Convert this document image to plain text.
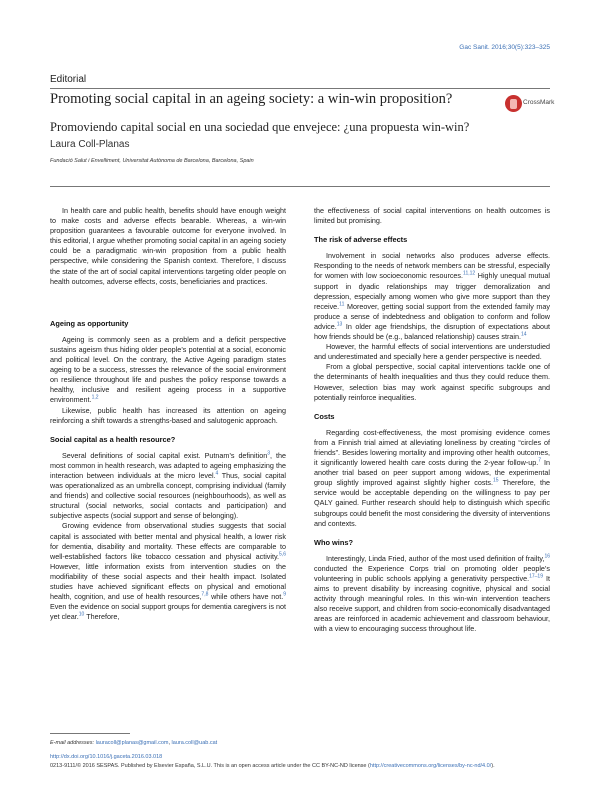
Gac Sanit. 2016;30(5):323–325
Editorial
Promoting social capital in an ageing society: a win-win proposition?	CrossMark
Promoviendo capital social en una sociedad que envejece: ¿una propuesta win-win?
Laura Coll-Planas
Fundació Salut i Envelliment, Universitat Autònoma de Barcelona, Barcelona, Spain

In health care and public health, benefits should have enough weight to make costs and adverse effects bearable. Whereas, a win-win proposition guarantees a favourable outcome for everyone involved. In this editorial, I argue whether promoting social capital in an ageing society could be a paradigmatic win-win proposition from a public health perspective, while considering the Spanish context. Therefore, I discuss the state of the art of social capital interventions targeting older people on health outcomes, adverse effects, costs, beneficiaries and practices.

Ageing as opportunity

Ageing is commonly seen as a problem and a deficit perspective sustains ageism thus hiding older people’s potential at a social, economic and political level. On the contrary, the Active Ageing paradigm states ageing to be a success, stresses the relevance of the social environment on resilience throughout life and pushes the policy response towards a healthy, inclusive and resilient ageing process in a supportive environment.$^{1,2}$

Likewise, public health has increased its attention on ageing reinforcing a shift towards a strengths-based and salutogenic approach.

Social capital as a health resource?

Several definitions of social capital exist. Putnam’s definition$^3$, the most common in health research, was adapted to ageing emphasizing the interaction between individuals at the micro level.$^4$ Thus, social capital was operationalized as an umbrella concept, comprising individual (family and friends) and collective social resources (neighbourhoods), as well as structural (social networks, social contacts and participation) and subjective aspects (social support and sense of belonging).

Growing evidence from observational studies suggests that social capital is associated with better mental and physical health, a lower risk for dementia, disability and mortality. These effects are comparable to well-established factors like tobacco cessation and physical activity.$^{5,6}$ However, little information exists from intervention studies on the modifiability of these social aspects and their health impact. Isolated studies have achieved significant effects on physical and emotional health, cognition, and use of health resources,$^{7,8}$ while others have not.$^9$ Even the evidence on social support groups for dementia caregivers is not yet clear.$^{10}$ Therefore,

the effectiveness of social capital interventions on health outcomes is limited but promising.

The risk of adverse effects

Involvement in social networks also produces adverse effects. Responding to the needs of network members can be stressful, especially for women with low socioeconomic resources.$^{11,12}$ Highly unequal mutual support in dyadic relationships may trigger demoralization and depression, especially among women who give more support than they receive.$^{11}$ Moreover, getting social support from the extended family may produce a sense of indebtedness and obligation to conform and follow advice.$^{13}$ In older age friendships, the disruption of expectations about how friends should be (e.g., balanced relationship) causes strain.$^{14}$

However, the harmful effects of social interventions are understudied and underestimated and specially here a gender perspective is needed.

From a global perspective, social capital interventions tackle one of the determinants of health inequalities and thus they could reduce them. However, selection bias may work against specific subgroups and potentially reinforce inequalities.

Costs

Regarding cost-effectiveness, the most promising evidence comes from a Finnish trial aimed at alleviating loneliness by creating “circles of friends”. Besides lowering mortality and improving other health outcomes, it significantly lowered health care costs during the 2-year follow-up.$^7$ In another trial based on peer support among widows, the experimental group slightly improved against slightly higher costs.$^{15}$ Therefore, the service would be acceptable depending on the willingness to pay per QALY gained. Further research should help to distinguish which specific subgroups could benefit the most considering the diversity of interventions and contexts.

Who wins?

Interestingly, Linda Fried, author of the most used definition of frailty,$^{16}$ conducted the Experience Corps trial on promoting older people’s volunteering in public schools applying a generativity perspective.$^{17-19}$ It aims to prevent disability by increasing cognitive, physical and social activity through meaningful roles. In this win-win intervention teachers also receive support, and children from socio-economically disadvantaged areas are reinforced in academic achievement and classroom behaviour, with a view to encouraging success throughout life.

E-mail addresses: lauracoll@planas@gmail.com, laura.coll@uab.cat
http://dx.doi.org/10.1016/j.gaceta.2016.03.018
0213-9111/© 2016 SESPAS. Published by Elsevier España, S.L.U. This is an open access article under the CC BY-NC-ND license (http://creativecommons.org/licenses/by-nc-nd/4.0/).
